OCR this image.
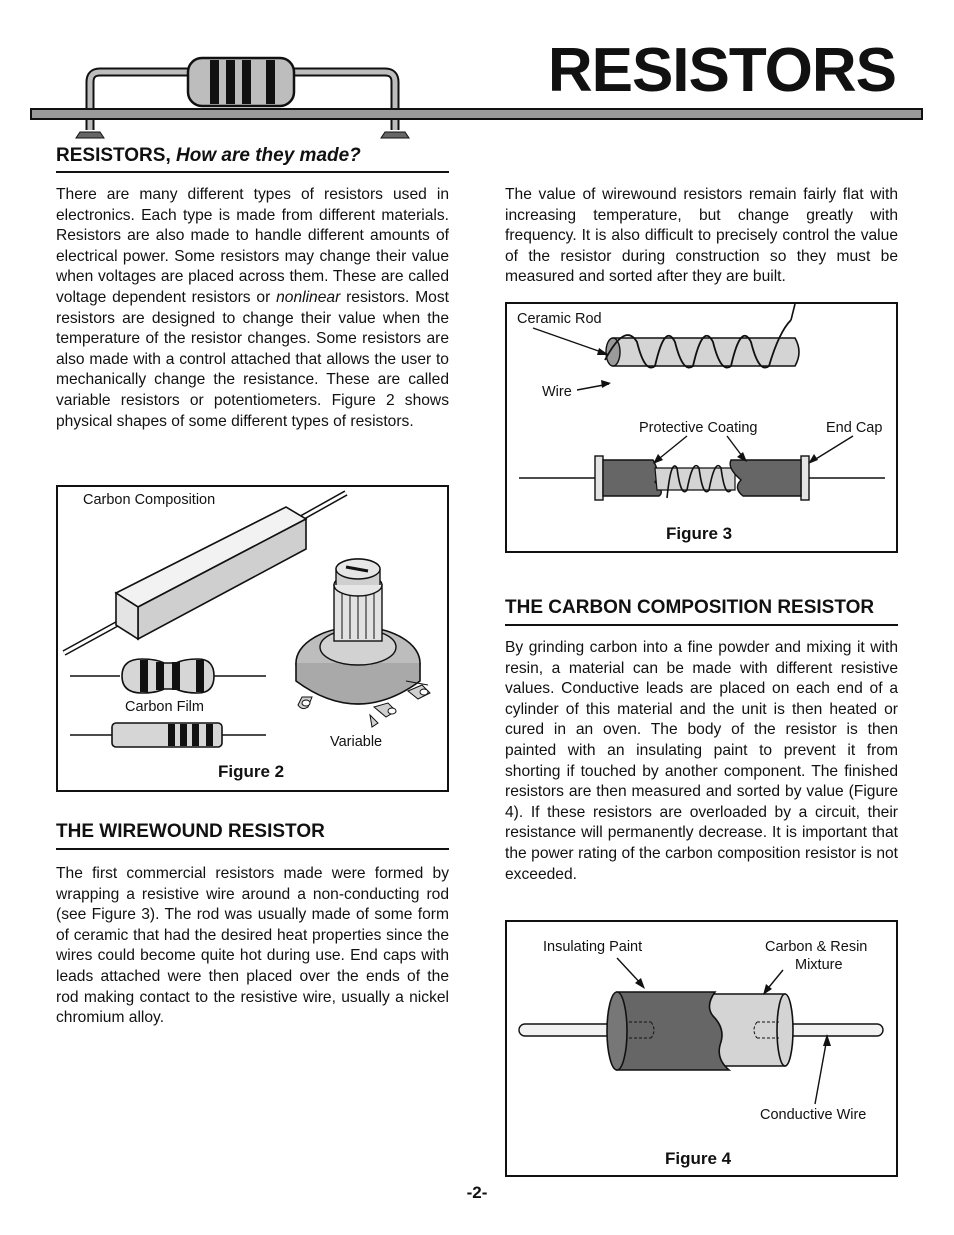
RESISTORS
RESISTORS, How are they made?
There are many different types of resistors used in electronics. Each type is made from different materials. Resistors are also made to handle different amounts of electrical power. Some resistors may change their value when voltages are placed across them. These are called voltage dependent resistors or nonlinear resistors. Most resistors are designed to change their value when the temperature of the resistor changes. Some resistors are also made with a control attached that allows the user to mechanically change the resistance. These are called variable resistors or potentiometers. Figure 2 shows physical shapes of some different types of resistors.
Carbon Composition
Carbon Film
Variable
Figure 2
THE WIREWOUND RESISTOR
The first commercial resistors made were formed by wrapping a resistive wire around a non-conducting rod (see Figure 3). The rod was usually made of some form of ceramic that had the desired heat properties since the wires could become quite hot during use. End caps with leads attached were then placed over the ends of the rod making contact to the resistive wire, usually a nickel chromium alloy.
The value of wirewound resistors remain fairly flat with increasing temperature, but change greatly with frequency. It is also difficult to precisely control the value of the resistor during construction so they must be measured and sorted after they are built.
Ceramic Rod
Wire
Protective Coating	End Cap
Figure 3
THE CARBON COMPOSITION RESISTOR
By grinding carbon into a fine powder and mixing it with resin, a material can be made with different resistive values. Conductive leads are placed on each end of a cylinder of this material and the unit is then heated or cured in an oven. The body of the resistor is then painted with an insulating paint to prevent it from shorting if touched by another component. The finished resistors are then measured and sorted by value (Figure 4). If these resistors are overloaded by a circuit, their resistance will permanently decrease. It is important that the power rating of the carbon composition resistor is not exceeded.
Insulating Paint	Carbon & Resin
Mixture
Conductive Wire
Figure 4
-2-
